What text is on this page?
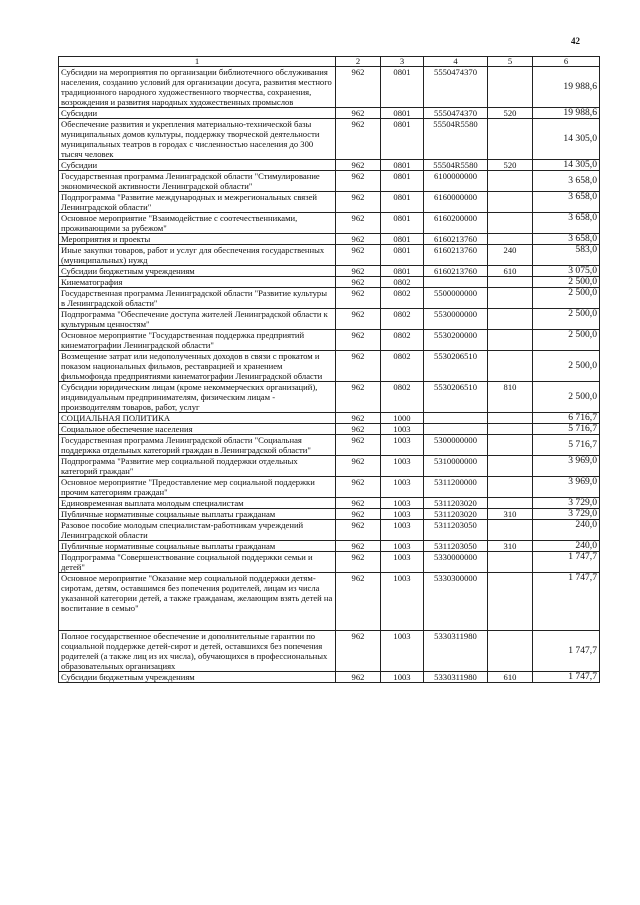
42
1	2	3	4	5	6
Субсидии на мероприятия по организации библиотечного обслуживания населения, созданию условий для организации досуга, развития местного традиционного народного художественного творчества, сохранения, возрождения и развития народных художественных промыслов	962	0801	5550474370		19 988,6
Субсидии	962	0801	5550474370	520	19 988,6
Обеспечение развития и укрепления материально-технической базы муниципальных домов культуры, поддержку творческой деятельности муниципальных театров в городах с численностью населения до 300 тысяч человек	962	0801	55504R5580		14 305,0
Субсидии	962	0801	55504R5580	520	14 305,0
Государственная программа Ленинградской области "Стимулирование экономической активности Ленинградской области"	962	0801	6100000000		3 658,0
Подпрограмма "Развитие международных и межрегиональных связей Ленинградской области"	962	0801	6160000000		3 658,0
Основное мероприятие "Взаимодействие с соотечественниками, проживающими за рубежом"	962	0801	6160200000		3 658,0
Мероприятия и проекты	962	0801	6160213760		3 658,0
Иные закупки товаров, работ и услуг для обеспечения государственных (муниципальных) нужд	962	0801	6160213760	240	583,0
Субсидии бюджетным учреждениям	962	0801	6160213760	610	3 075,0
Кинематография	962	0802			2 500,0
Государственная программа Ленинградской области "Развитие культуры в Ленинградской области"	962	0802	5500000000		2 500,0
Подпрограмма "Обеспечение доступа жителей Ленинградской области к культурным ценностям"	962	0802	5530000000		2 500,0
Основное мероприятие "Государственная поддержка предприятий кинематографии Ленинградской области"	962	0802	5530200000		2 500,0
Возмещение затрат или недополученных доходов в связи с прокатом и показом национальных фильмов, реставрацией и хранением фильмофонда предприятиями кинематографии Ленинградской области	962	0802	5530206510		2 500,0
Субсидии юридическим лицам (кроме некоммерческих организаций), индивидуальным предпринимателям, физическим лицам - производителям товаров, работ, услуг	962	0802	5530206510	810	2 500,0
СОЦИАЛЬНАЯ ПОЛИТИКА	962	1000			6 716,7
Социальное обеспечение населения	962	1003			5 716,7
Государственная программа Ленинградской области "Социальная поддержка отдельных категорий граждан в Ленинградской области"	962	1003	5300000000		5 716,7
Подпрограмма "Развитие мер социальной поддержки отдельных категорий граждан"	962	1003	5310000000		3 969,0
Основное мероприятие "Предоставление мер социальной поддержки прочим категориям граждан"	962	1003	5311200000		3 969,0
Единовременная выплата молодым специалистам	962	1003	5311203020		3 729,0
Публичные нормативные социальные выплаты гражданам	962	1003	5311203020	310	3 729,0
Разовое пособие молодым специалистам-работникам учреждений Ленинградской области	962	1003	5311203050		240,0
Публичные нормативные социальные выплаты гражданам	962	1003	5311203050	310	240,0
Подпрограмма "Совершенствование социальной поддержки семьи и детей"	962	1003	5330000000		1 747,7
Основное мероприятие "Оказание мер социальной поддержки детям-сиротам, детям, оставшимся без попечения родителей, лицам из числа указанной категории детей, а также гражданам, желающим взять детей на воспитание в семью"	962	1003	5330300000		1 747,7
Полное государственное обеспечение и дополнительные гарантии по социальной поддержке детей-сирот и детей, оставшихся без попечения родителей (а также лиц из их числа), обучающихся в профессиональных образовательных организациях	962	1003	5330311980		1 747,7
Субсидии бюджетным учреждениям	962	1003	5330311980	610	1 747,7
